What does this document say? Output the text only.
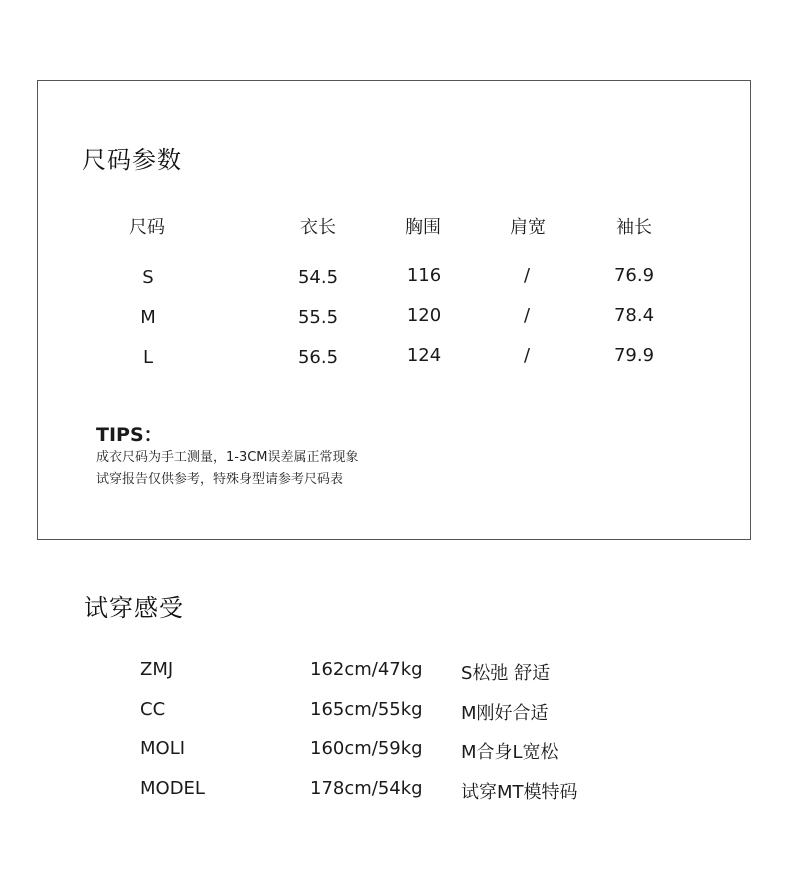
尺码参数
尺码	衣长	胸围	肩宽	袖长
S	54.5	116	/	76.9
M	55.5	120	/	78.4
L	56.5	124	/	79.9
TIPS：
成衣尺码为手工测量，1-3CM误差属正常现象
试穿报告仅供参考，特殊身型请参考尺码表
试穿感受
ZMJ	162cm/47kg S松弛 舒适
CC	165cm/55kg M刚好合适
MOLI	160cm/59kg M合身L宽松
MODEL	178cm/54kg 试穿MT模特码
